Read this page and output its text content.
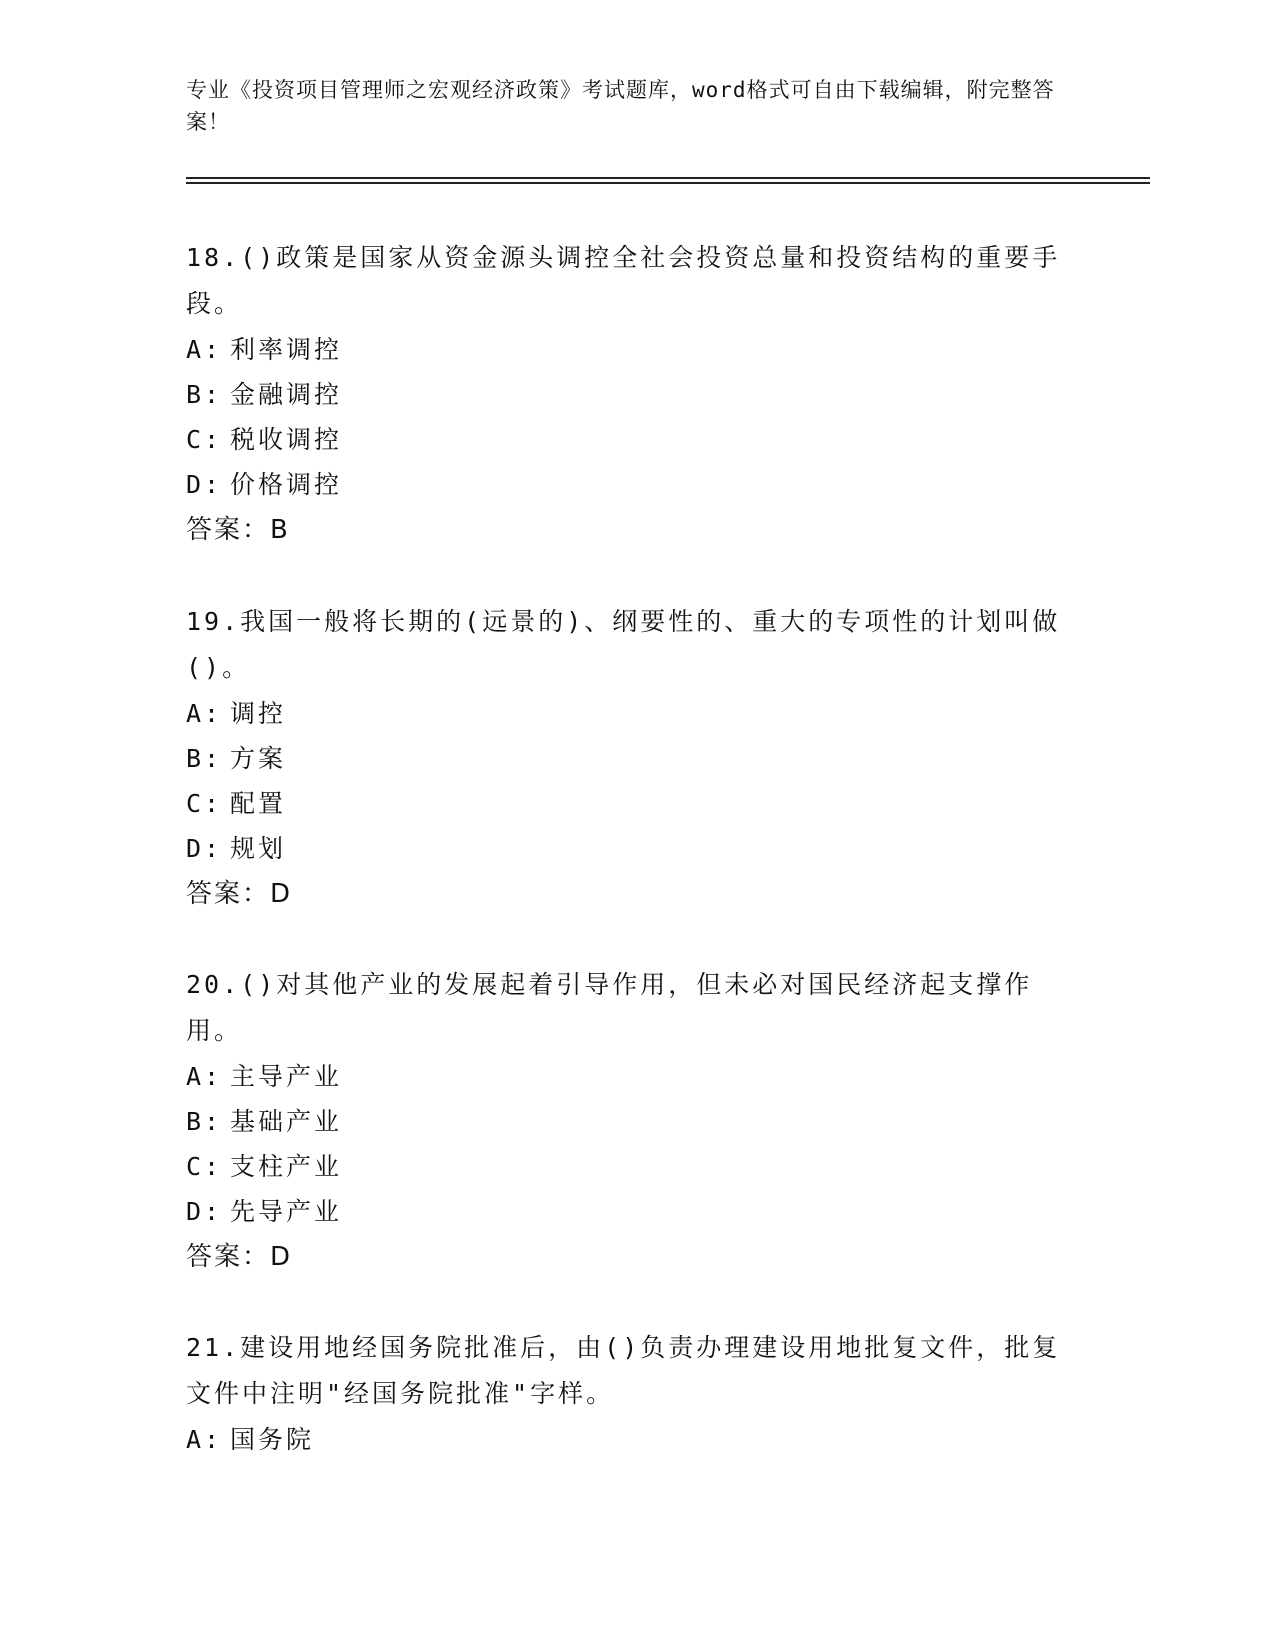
专业《投资项目管理师之宏观经济政策》考试题库，word格式可自由下载编辑，附完整答案！

18.()政策是国家从资金源头调控全社会投资总量和投资结构的重要手段。

A: 利率调控

B: 金融调控

C: 税收调控

D: 价格调控

答案：B

19.我国一般将长期的(远景的)、纲要性的、重大的专项性的计划叫做()。

A: 调控

B: 方案

C: 配置

D: 规划

答案：D

20.()对其他产业的发展起着引导作用，但未必对国民经济起支撑作用。

A: 主导产业

B: 基础产业

C: 支柱产业

D: 先导产业

答案：D

21.建设用地经国务院批准后，由()负责办理建设用地批复文件，批复文件中注明"经国务院批准"字样。

A: 国务院
